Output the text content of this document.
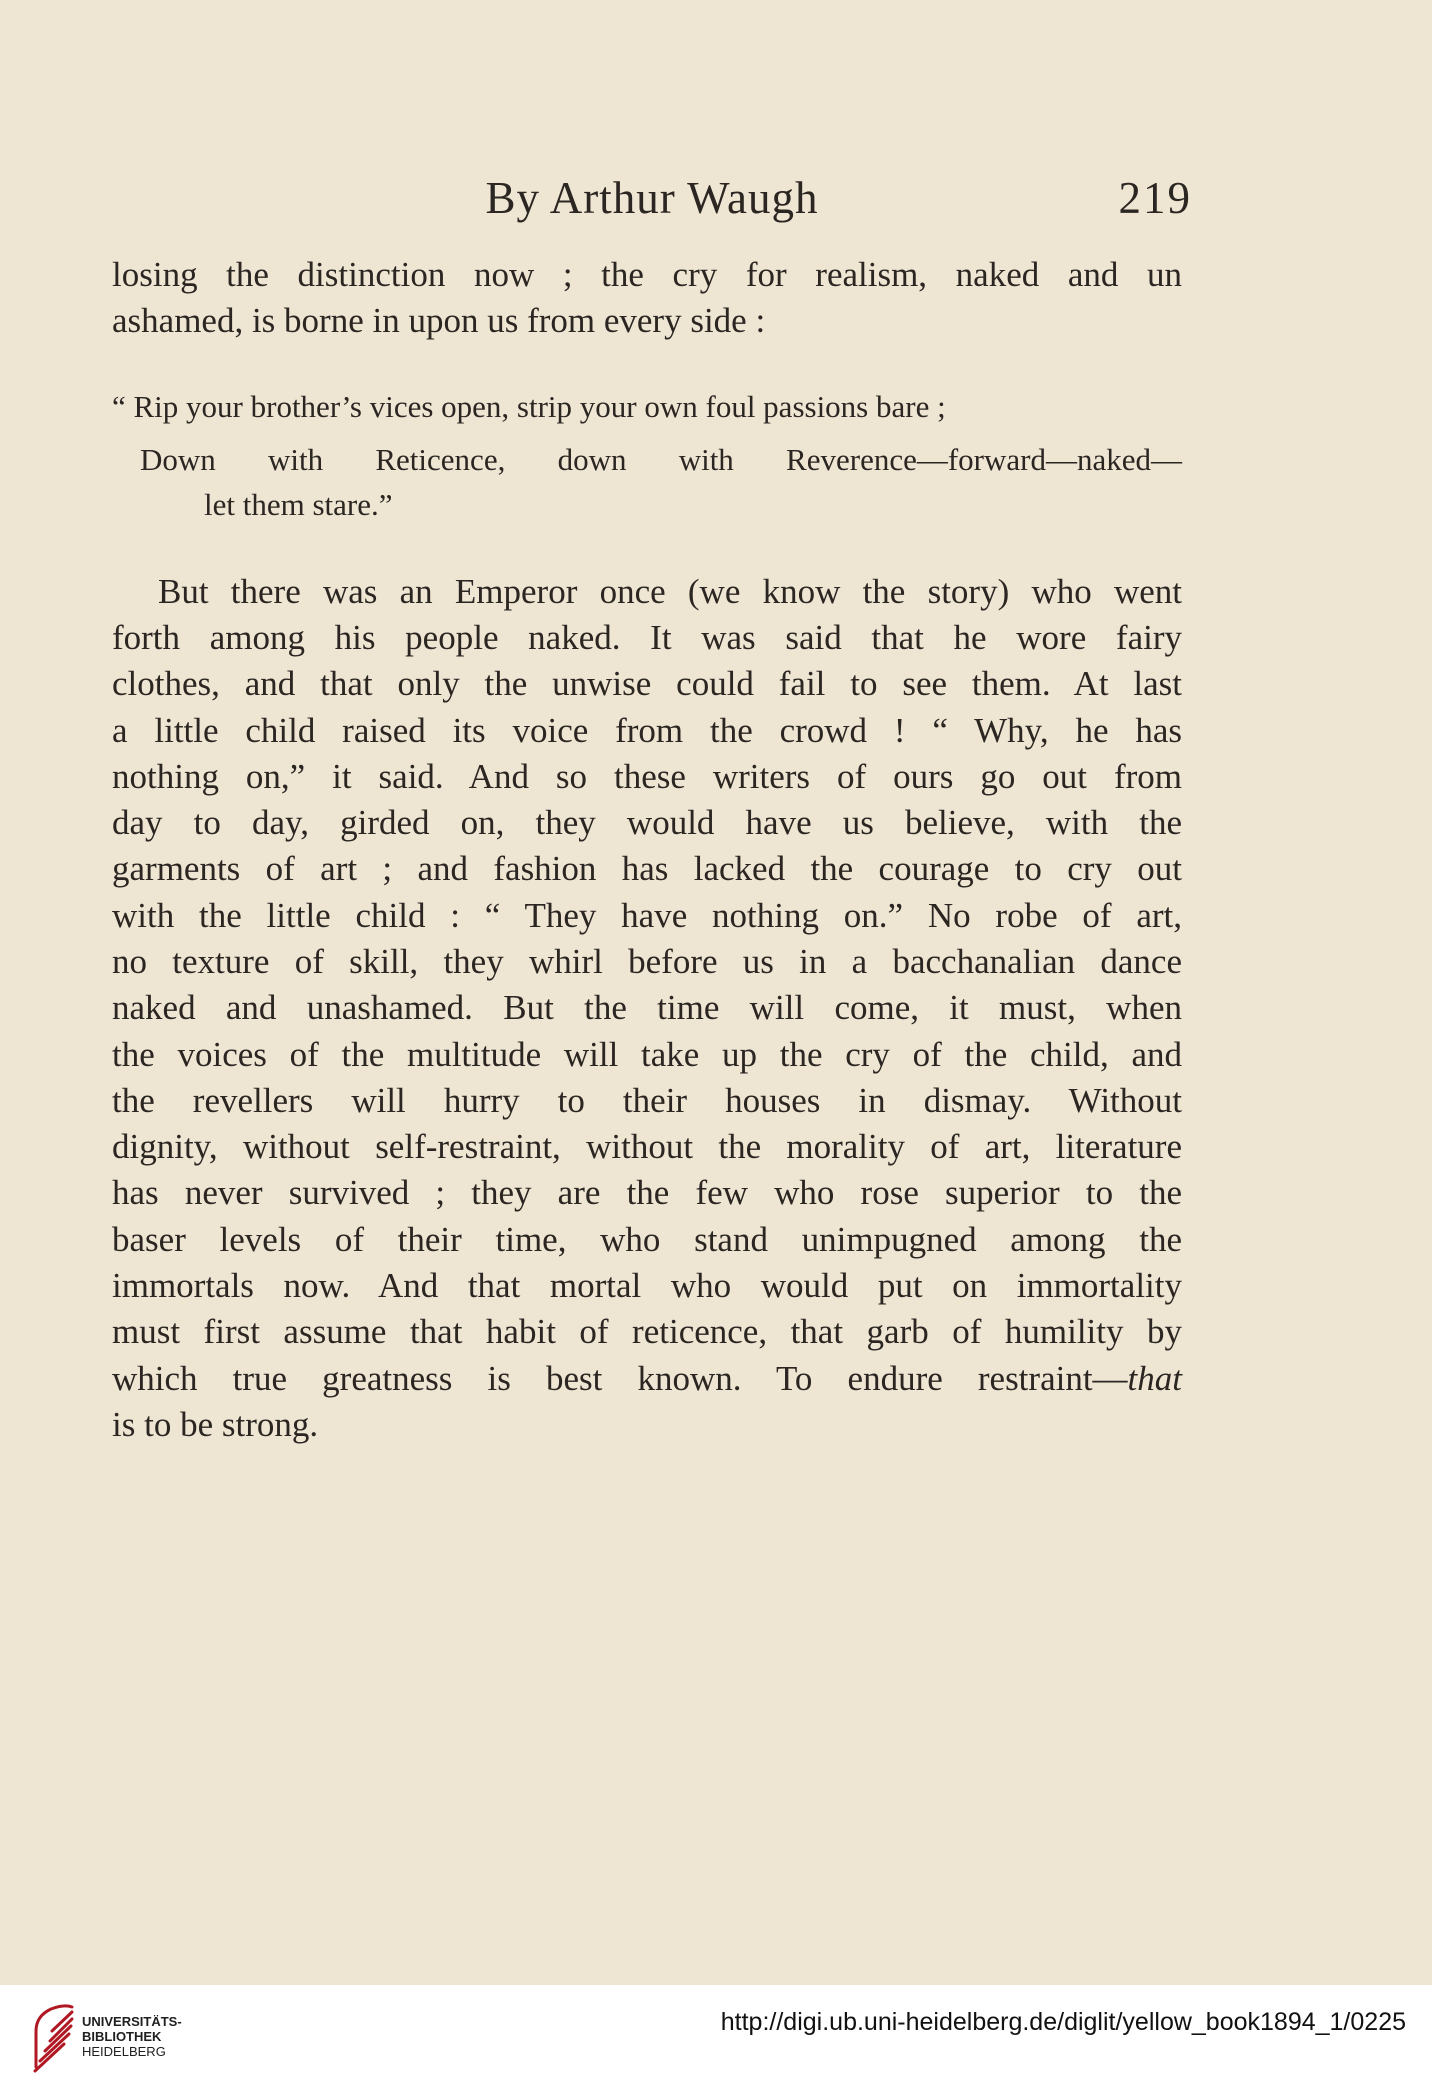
By Arthur Waugh	219
losing the distinction now ; the cry for realism, naked and un
ashamed, is borne in upon us from every side :
“ Rip your brother’s vices open, strip your own foul passions bare ;
Down with Reticence, down with Reverence—forward—naked—
let them stare.”
But there was an Emperor once (we know the story) who went
forth among his people naked. It was said that he wore fairy
clothes, and that only the unwise could fail to see them. At last
a little child raised its voice from the crowd ! “ Why, he has
nothing on,” it said. And so these writers of ours go out from
day to day, girded on, they would have us believe, with the
garments of art ; and fashion has lacked the courage to cry out
with the little child : “ They have nothing on.” No robe of art,
no texture of skill, they whirl before us in a bacchanalian dance
naked and unashamed. But the time will come, it must, when
the voices of the multitude will take up the cry of the child, and
the revellers will hurry to their houses in dismay. Without
dignity, without self-restraint, without the morality of art, literature
has never survived ; they are the few who rose superior to the
baser levels of their time, who stand unimpugned among the
immortals now. And that mortal who would put on immortality
must first assume that habit of reticence, that garb of humility by
which true greatness is best known. To endure restraint—that
is to be strong.
UNIVERSITÄTS-
BIBLIOTHEK
HEIDELBERG
http://digi.ub.uni-heidelberg.de/diglit/yellow_book1894_1/0225
